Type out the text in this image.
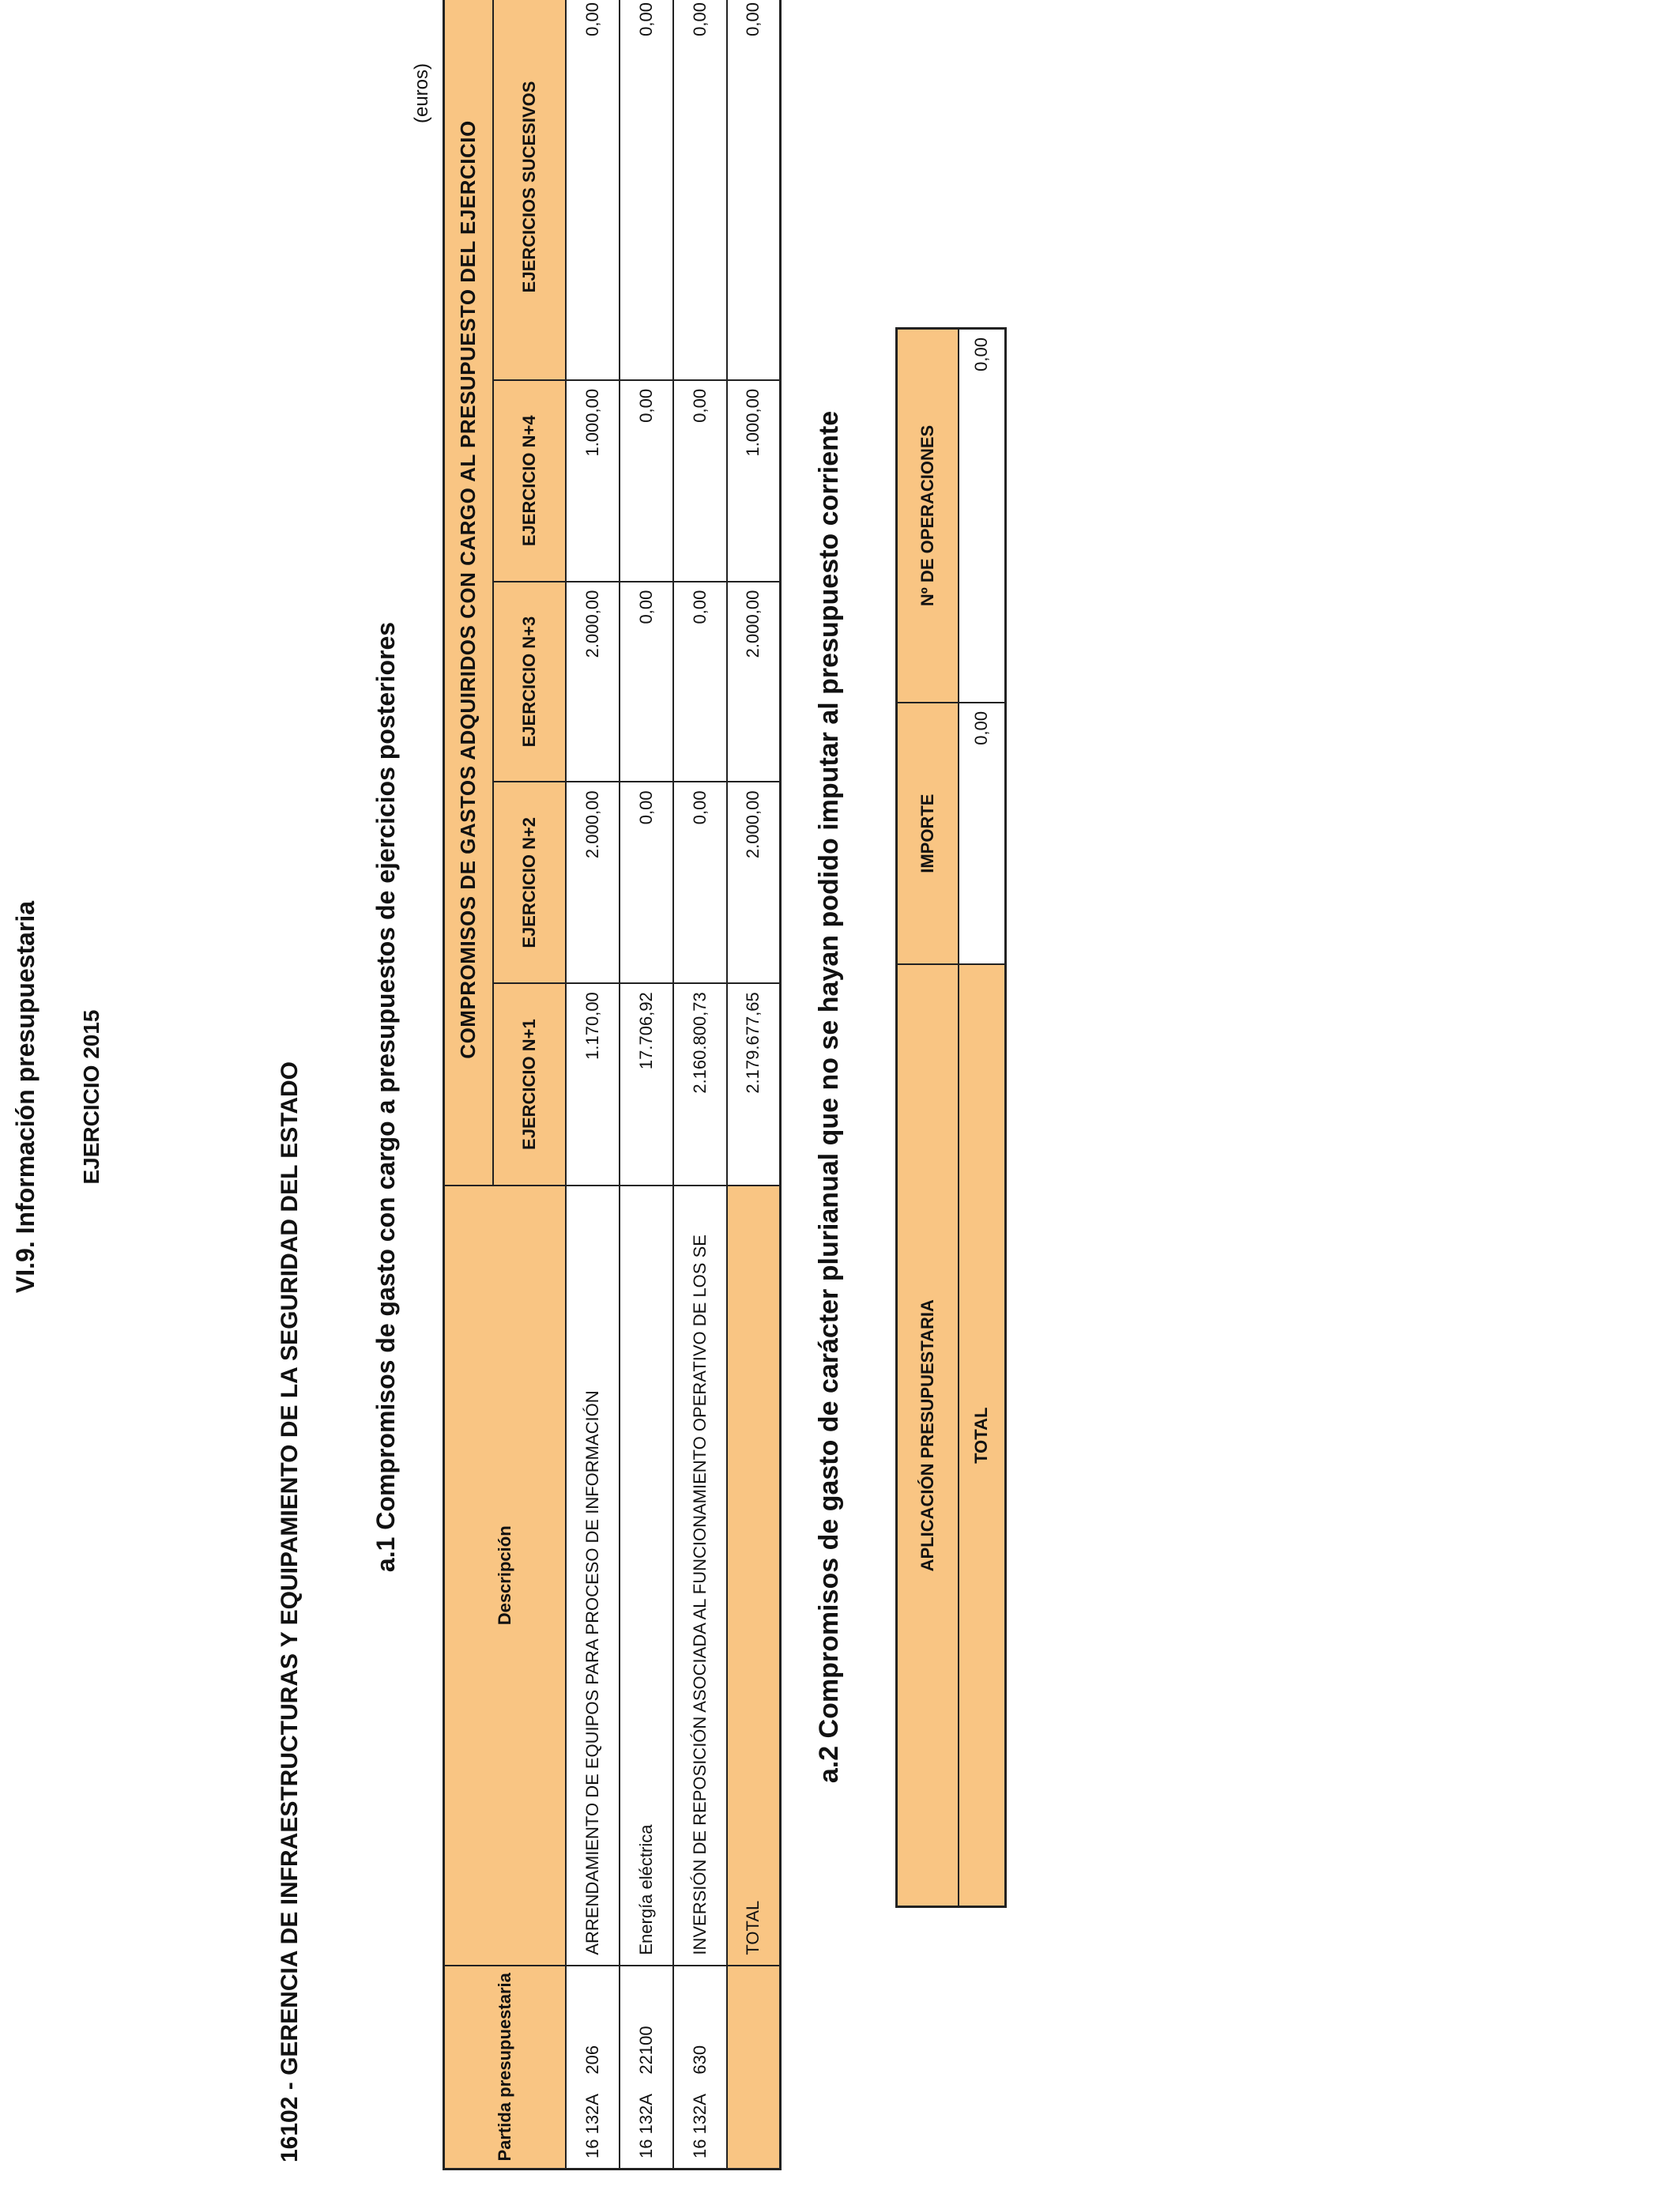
VI.9. Información presupuestaria EJERCICIO 2015	16102 - GERENCIA DE INFRAESTRUCTURAS Y EQUIPAMIENTO DE LA SEGURIDAD DEL ESTADO	a.1 Compromisos de gasto con cargo a presupuestos de ejercicios posteriores
(euros)
Partida presupuestaria	Descripción	COMPROMISOS DE GASTOS ADQUIRIDOS CON CARGO AL PRESUPUESTO DEL EJERCICIO				
		EJERCICIO N+1	EJERCICIO N+2	EJERCICIO N+3	EJERCICIO N+4	EJERCICIOS SUCESIVOS
16 132A    206	ARRENDAMIENTO DE EQUIPOS PARA PROCESO DE INFORMACIÓN	1.170,00	2.000,00	2.000,00	1.000,00	0,00
16 132A    22100	Energía eléctrica	17.706,92	0,00	0,00	0,00	0,00
16 132A    630	INVERSIÓN DE REPOSICIÓN ASOCIADA AL FUNCIONAMIENTO OPERATIVO DE LOS SE	2.160.800,73	0,00	0,00	0,00	0,00
	TOTAL	2.179.677,65	2.000,00	2.000,00	1.000,00	0,00
a.2 Compromisos de gasto de carácter plurianual que no se hayan podido imputar al presupuesto corriente	APLICACIÓN PRESUPUESTARIA	IMPORTE	Nº DE OPERACIONES
TOTAL	0,00	0,00
